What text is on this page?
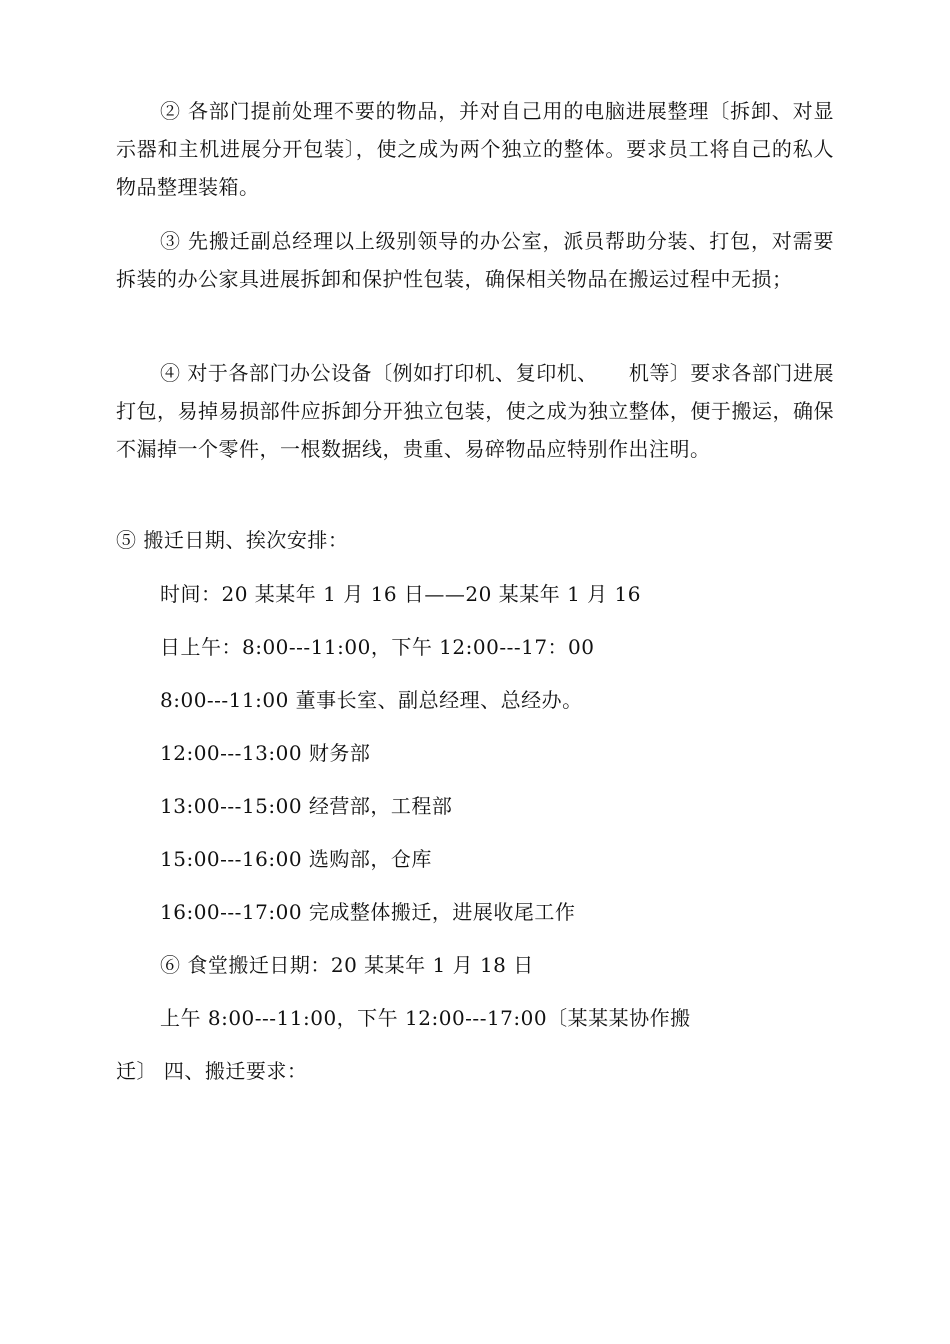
② 各部门提前处理不要的物品，并对自己用的电脑进展整理〔拆卸、对显示器和主机进展分开包装〕，使之成为两个独立的整体。要求员工将自己的私人物品整理装箱。

③ 先搬迁副总经理以上级别领导的办公室，派员帮助分装、打包，对需要拆装的办公家具进展拆卸和保护性包装，确保相关物品在搬运过程中无损；

④ 对于各部门办公设备〔例如打印机、复印机、　　机等〕要求各部门进展打包，易掉易损部件应拆卸分开独立包装，使之成为独立整体，便于搬运，确保不漏掉一个零件，一根数据线，贵重、易碎物品应特别作出注明。

⑤ 搬迁日期、挨次安排：

时间：20 某某年 1 月 16 日——20 某某年 1 月 16

日上午：8:00---11:00，下午 12:00---17：00

8:00---11:00 董事长室、副总经理、总经办。

12:00---13:00 财务部

13:00---15:00 经营部，工程部

15:00---16:00 选购部，仓库

16:00---17:00 完成整体搬迁，进展收尾工作

⑥ 食堂搬迁日期：20 某某年 1 月 18 日

上午 8:00---11:00，下午 12:00---17:00〔某某某协作搬

迁〕 四、搬迁要求：
